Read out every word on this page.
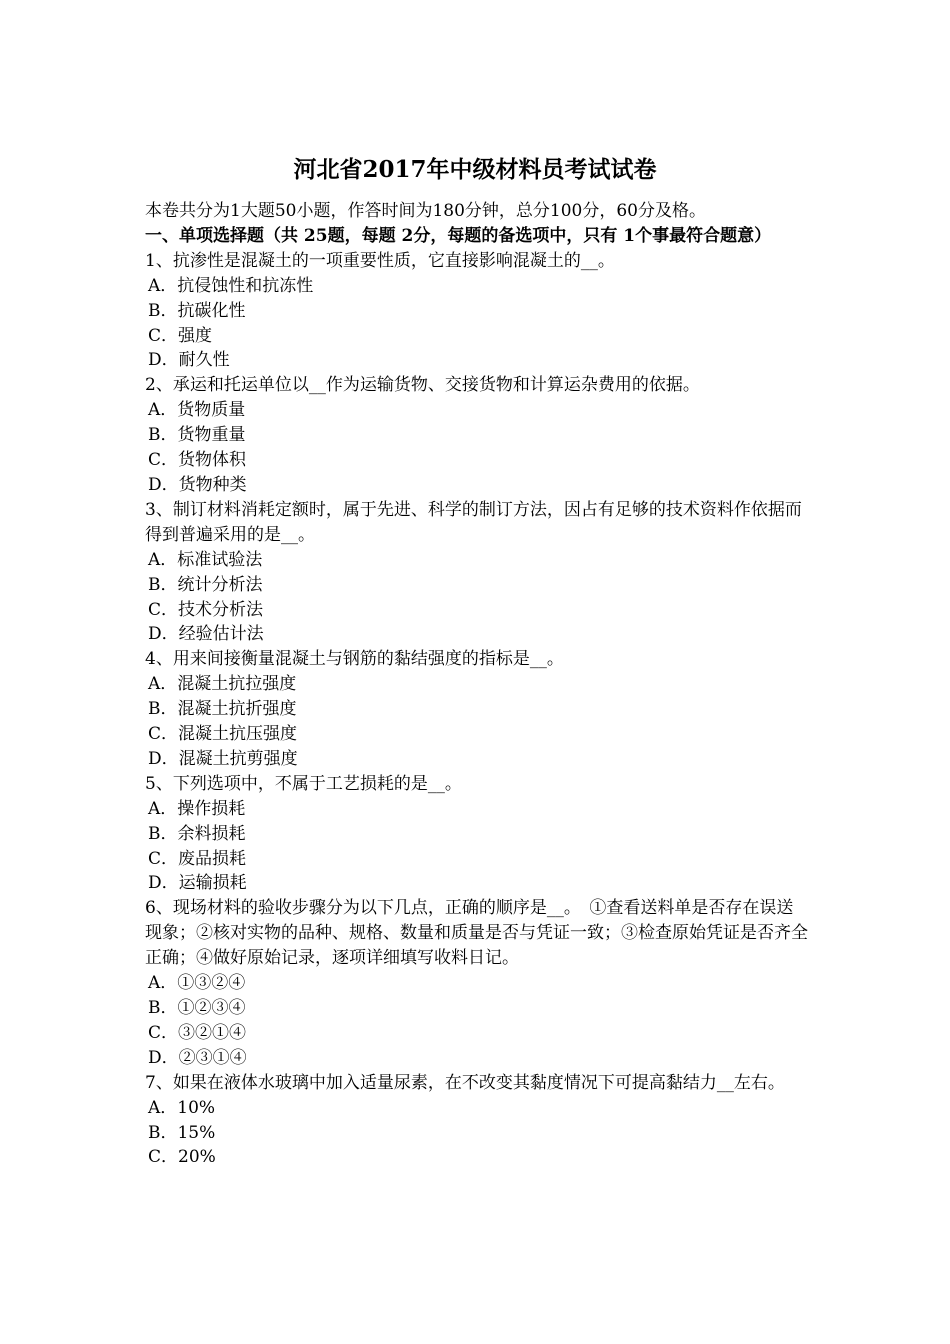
河北省2017年中级材料员考试试卷
本卷共分为1大题50小题，作答时间为180分钟，总分100分，60分及格。
一、单项选择题（共 25题，每题 2分，每题的备选项中，只有 1个事最符合题意）
1、抗渗性是混凝土的一项重要性质，它直接影响混凝土的__。
A．抗侵蚀性和抗冻性
B．抗碳化性
C．强度
D．耐久性
2、承运和托运单位以__作为运输货物、交接货物和计算运杂费用的依据。
A．货物质量
B．货物重量
C．货物体积
D．货物种类
3、制订材料消耗定额时，属于先进、科学的制订方法，因占有足够的技术资料作依据而得到普遍采用的是__。
A．标准试验法
B．统计分析法
C．技术分析法
D．经验估计法
4、用来间接衡量混凝土与钢筋的黏结强度的指标是__。
A．混凝土抗拉强度
B．混凝土抗折强度
C．混凝土抗压强度
D．混凝土抗剪强度
5、下列选项中，不属于工艺损耗的是__。
A．操作损耗
B．余料损耗
C．废品损耗
D．运输损耗
6、现场材料的验收步骤分为以下几点，正确的顺序是__。　①查看送料单是否存在误送现象；②核对实物的品种、规格、数量和质量是否与凭证一致；③检查原始凭证是否齐全正确；④做好原始记录，逐项详细填写收料日记。
A．①③②④
B．①②③④
C．③②①④
D．②③①④
7、如果在液体水玻璃中加入适量尿素，在不改变其黏度情况下可提高黏结力__左右。
A．10%
B．15%
C．20%
